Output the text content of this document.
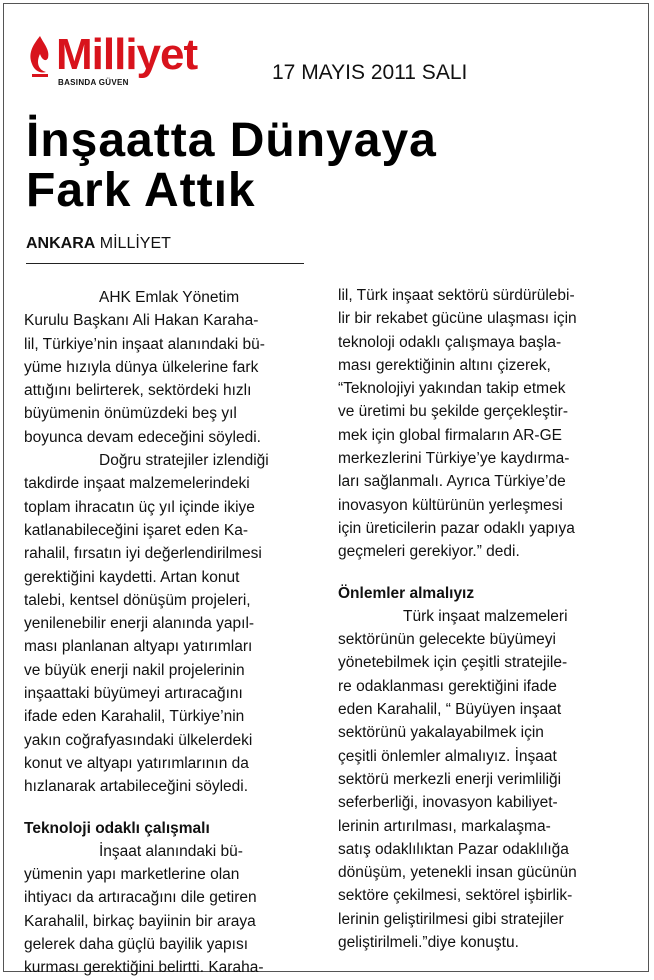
Milliyet
BASINDA GÜVEN	17 MAYIS 2011 SALI
İnşaatta Dünyaya
Fark Attık
ANKARA MİLLİYET

AHK Emlak Yönetim
Kurulu Başkanı Ali Hakan Karaha-
lil, Türkiye’nin inşaat alanındaki bü-
yüme hızıyla dünya ülkelerine fark
attığını belirterek, sektördeki hızlı
büyümenin önümüzdeki beş yıl
boyunca devam edeceğini söyledi.

Doğru stratejiler izlendiği
takdirde inşaat malzemelerindeki
toplam ihracatın üç yıl içinde ikiye
katlanabileceğini işaret eden Ka-
rahalil, fırsatın iyi değerlendirilmesi
gerektiğini kaydetti. Artan konut
talebi, kentsel dönüşüm projeleri,
yenilenebilir enerji alanında yapıl-
ması planlanan altyapı yatırımları
ve büyük enerji nakil projelerinin
inşaattaki büyümeyi artıracağını
ifade eden Karahalil, Türkiye’nin
yakın coğrafyasındaki ülkelerdeki
konut ve altyapı yatırımlarının da
hızlanarak artabileceğini söyledi.

Teknoloji odaklı çalışmalı

İnşaat alanındaki bü-
yümenin yapı marketlerine olan
ihtiyacı da artıracağını dile getiren
Karahalil, birkaç bayiinin bir araya
gelerek daha güçlü bayilik yapısı
kurması gerektiğini belirtti. Karaha-

lil, Türk inşaat sektörü sürdürülebi-
lir bir rekabet gücüne ulaşması için
teknoloji odaklı çalışmaya başla-
ması gerektiğinin altını çizerek,
“Teknolojiyi yakından takip etmek
ve üretimi bu şekilde gerçekleştir-
mek için global firmaların AR-GE
merkezlerini Türkiye’ye kaydırma-
ları sağlanmalı. Ayrıca Türkiye’de
inovasyon kültürünün yerleşmesi
için üreticilerin pazar odaklı yapıya
geçmeleri gerekiyor.” dedi.

Önlemler almalıyız

Türk inşaat malzemeleri
sektörünün gelecekte büyümeyi
yönetebilmek için çeşitli stratejile-
re odaklanması gerektiğini ifade
eden Karahalil, “ Büyüyen inşaat
sektörünü yakalayabilmek için
çeşitli önlemler almalıyız. İnşaat
sektörü merkezli enerji verimliliği
seferberliği, inovasyon kabiliyet-
lerinin artırılması, markalaşma-
satış odaklılıktan Pazar odaklılığa
dönüşüm, yetenekli insan gücünün
sektöre çekilmesi, sektörel işbirlik-
lerinin geliştirilmesi gibi stratejiler
geliştirilmeli.”diye konuştu.
